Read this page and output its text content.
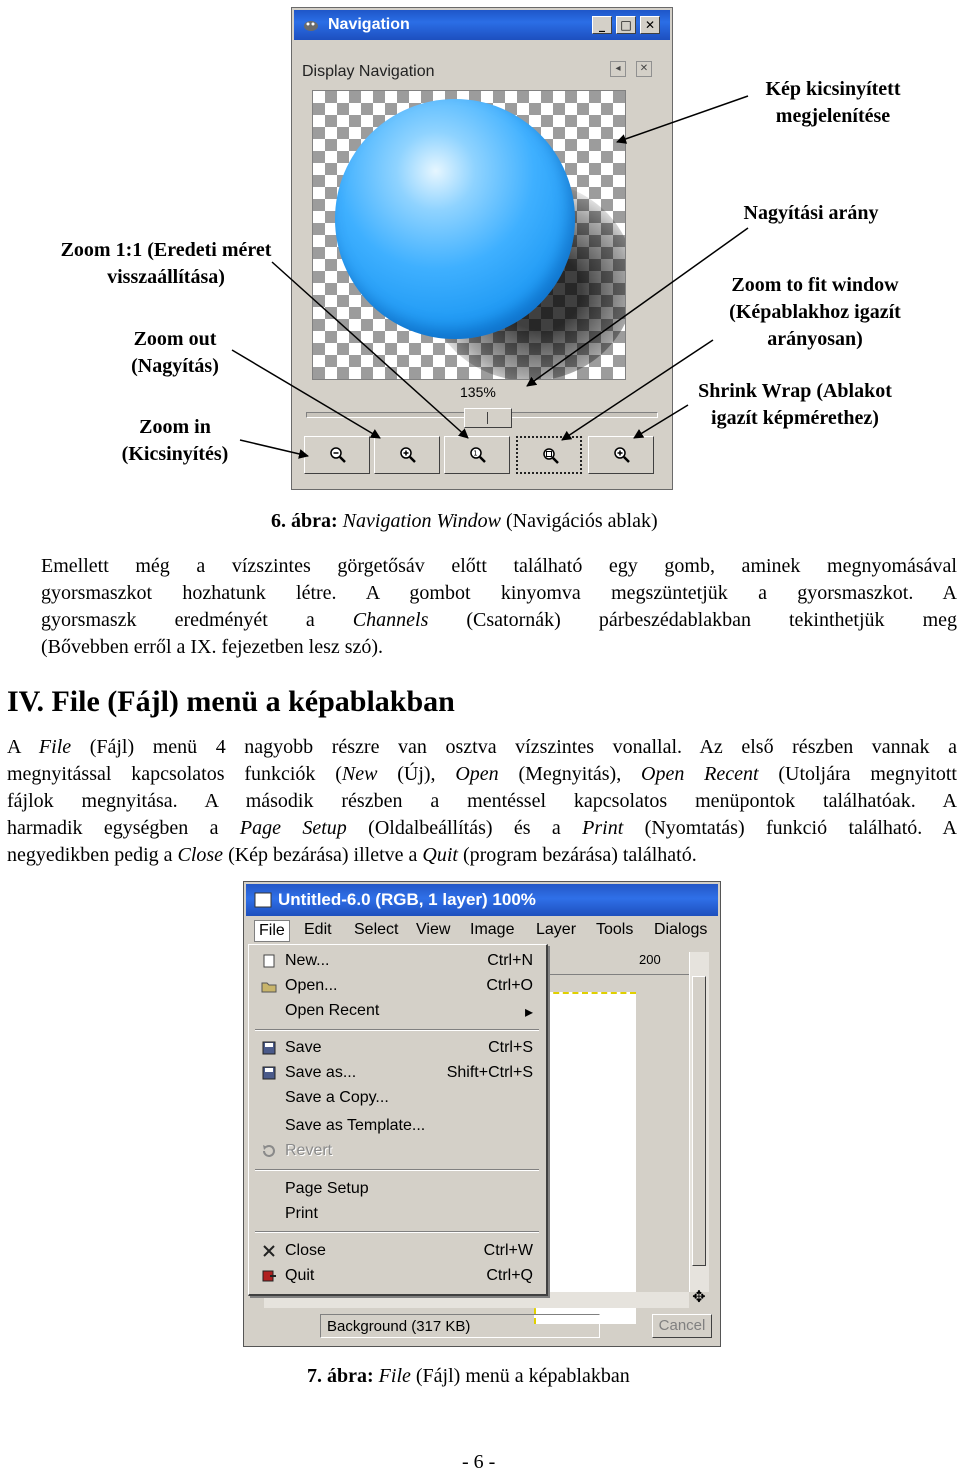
Navigation	_	□	✕
Display Navigation	◂	✕
135%
1
Kép kicsinyített megjelenítése
Nagyítási arány
Zoom to fit window (Képablakhoz igazít arányosan)
Shrink Wrap (Ablakot igazít képmérethez)
Zoom 1:1 (Eredeti méret visszaállítása)
Zoom out (Nagyítás)
Zoom in (Kicsinyítés)
6. ábra: Navigation Window (Navigációs ablak)
Emellett még a vízszintes görgetősáv előtt található egy gomb, aminek megnyomásával
gyorsmaszkot hozhatunk létre. A gombot kinyomva megszüntetjük a gyorsmaszkot. A
gyorsmaszk eredményét a Channels (Csatornák) párbeszédablakban tekinthetjük meg
(Bővebben erről a IX. fejezetben lesz szó).
IV. File (Fájl) menü a képablakban
A File (Fájl) menü 4 nagyobb részre van osztva vízszintes vonallal. Az első részben vannak a
megnyitással kapcsolatos funkciók (New (Új), Open (Megnyitás), Open Recent (Utoljára megnyitott
fájlok megnyitása. A második részben a mentéssel kapcsolatos menüpontok találhatóak. A
harmadik egységben a Page Setup (Oldalbeállítás) és a Print (Nyomtatás) funkció található. A
negyedikben pedig a Close (Kép bezárása) illetve a Quit (program bezárása) található.
Untitled-6.0 (RGB, 1 layer) 100%
File	Edit Select View Image Layer Tools Dialogs
200
✥
Background (317 KB)	Cancel
New...	Ctrl+N
Open...	Ctrl+O
Open Recent	▸
Save	Ctrl+S
Save as...	Shift+Ctrl+S
Save a Copy...
Save as Template...
Revert
Page Setup
Print
Close	Ctrl+W
Quit	Ctrl+Q
7. ábra: File (Fájl) menü a képablakban
- 6 -
